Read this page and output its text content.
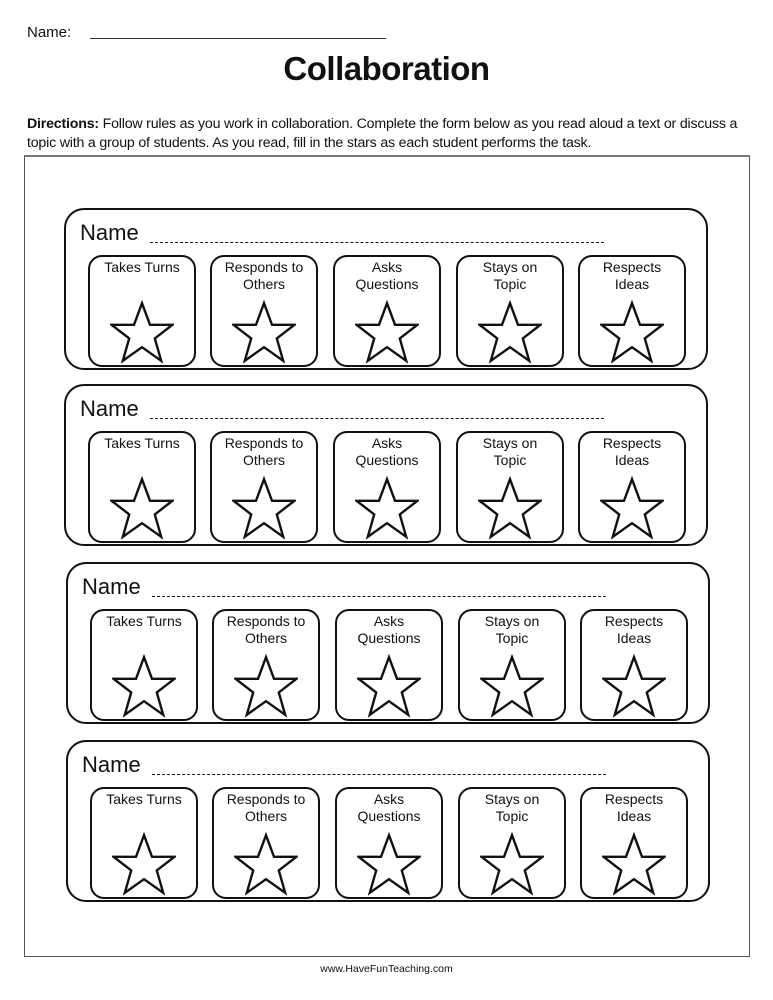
Name:
Collaboration
Directions: Follow rules as you work in collaboration. Complete the form below as you read aloud a text or discuss a topic with a group of students. As you read, fill in the stars as each student performs the task.
Name
Takes Turns	Responds to Others
Asks Questions
Stays on Topic
Respects Ideas
Name
Takes Turns	Responds to Others
Asks Questions
Stays on Topic
Respects Ideas
Name
Takes Turns	Responds to Others
Asks Questions
Stays on Topic
Respects Ideas
Name
Takes Turns	Responds to Others
Asks Questions
Stays on Topic
Respects Ideas
www.HaveFunTeaching.com
